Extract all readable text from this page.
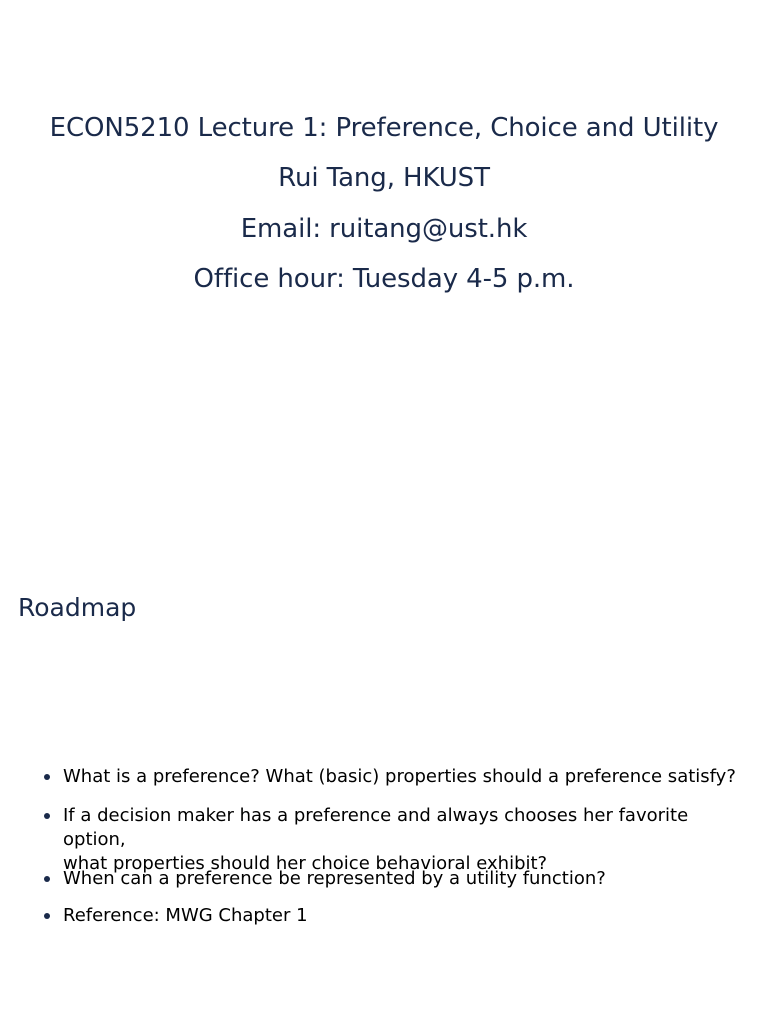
ECON5210 Lecture 1: Preference, Choice and Utility
Rui Tang, HKUST
Email: ruitang@ust.hk
Office hour: Tuesday 4-5 p.m.
Roadmap
What is a preference? What (basic) properties should a preference satisfy?
If a decision maker has a preference and always chooses her favorite option,
what properties should her choice behavioral exhibit?
When can a preference be represented by a utility function?
Reference: MWG Chapter 1
